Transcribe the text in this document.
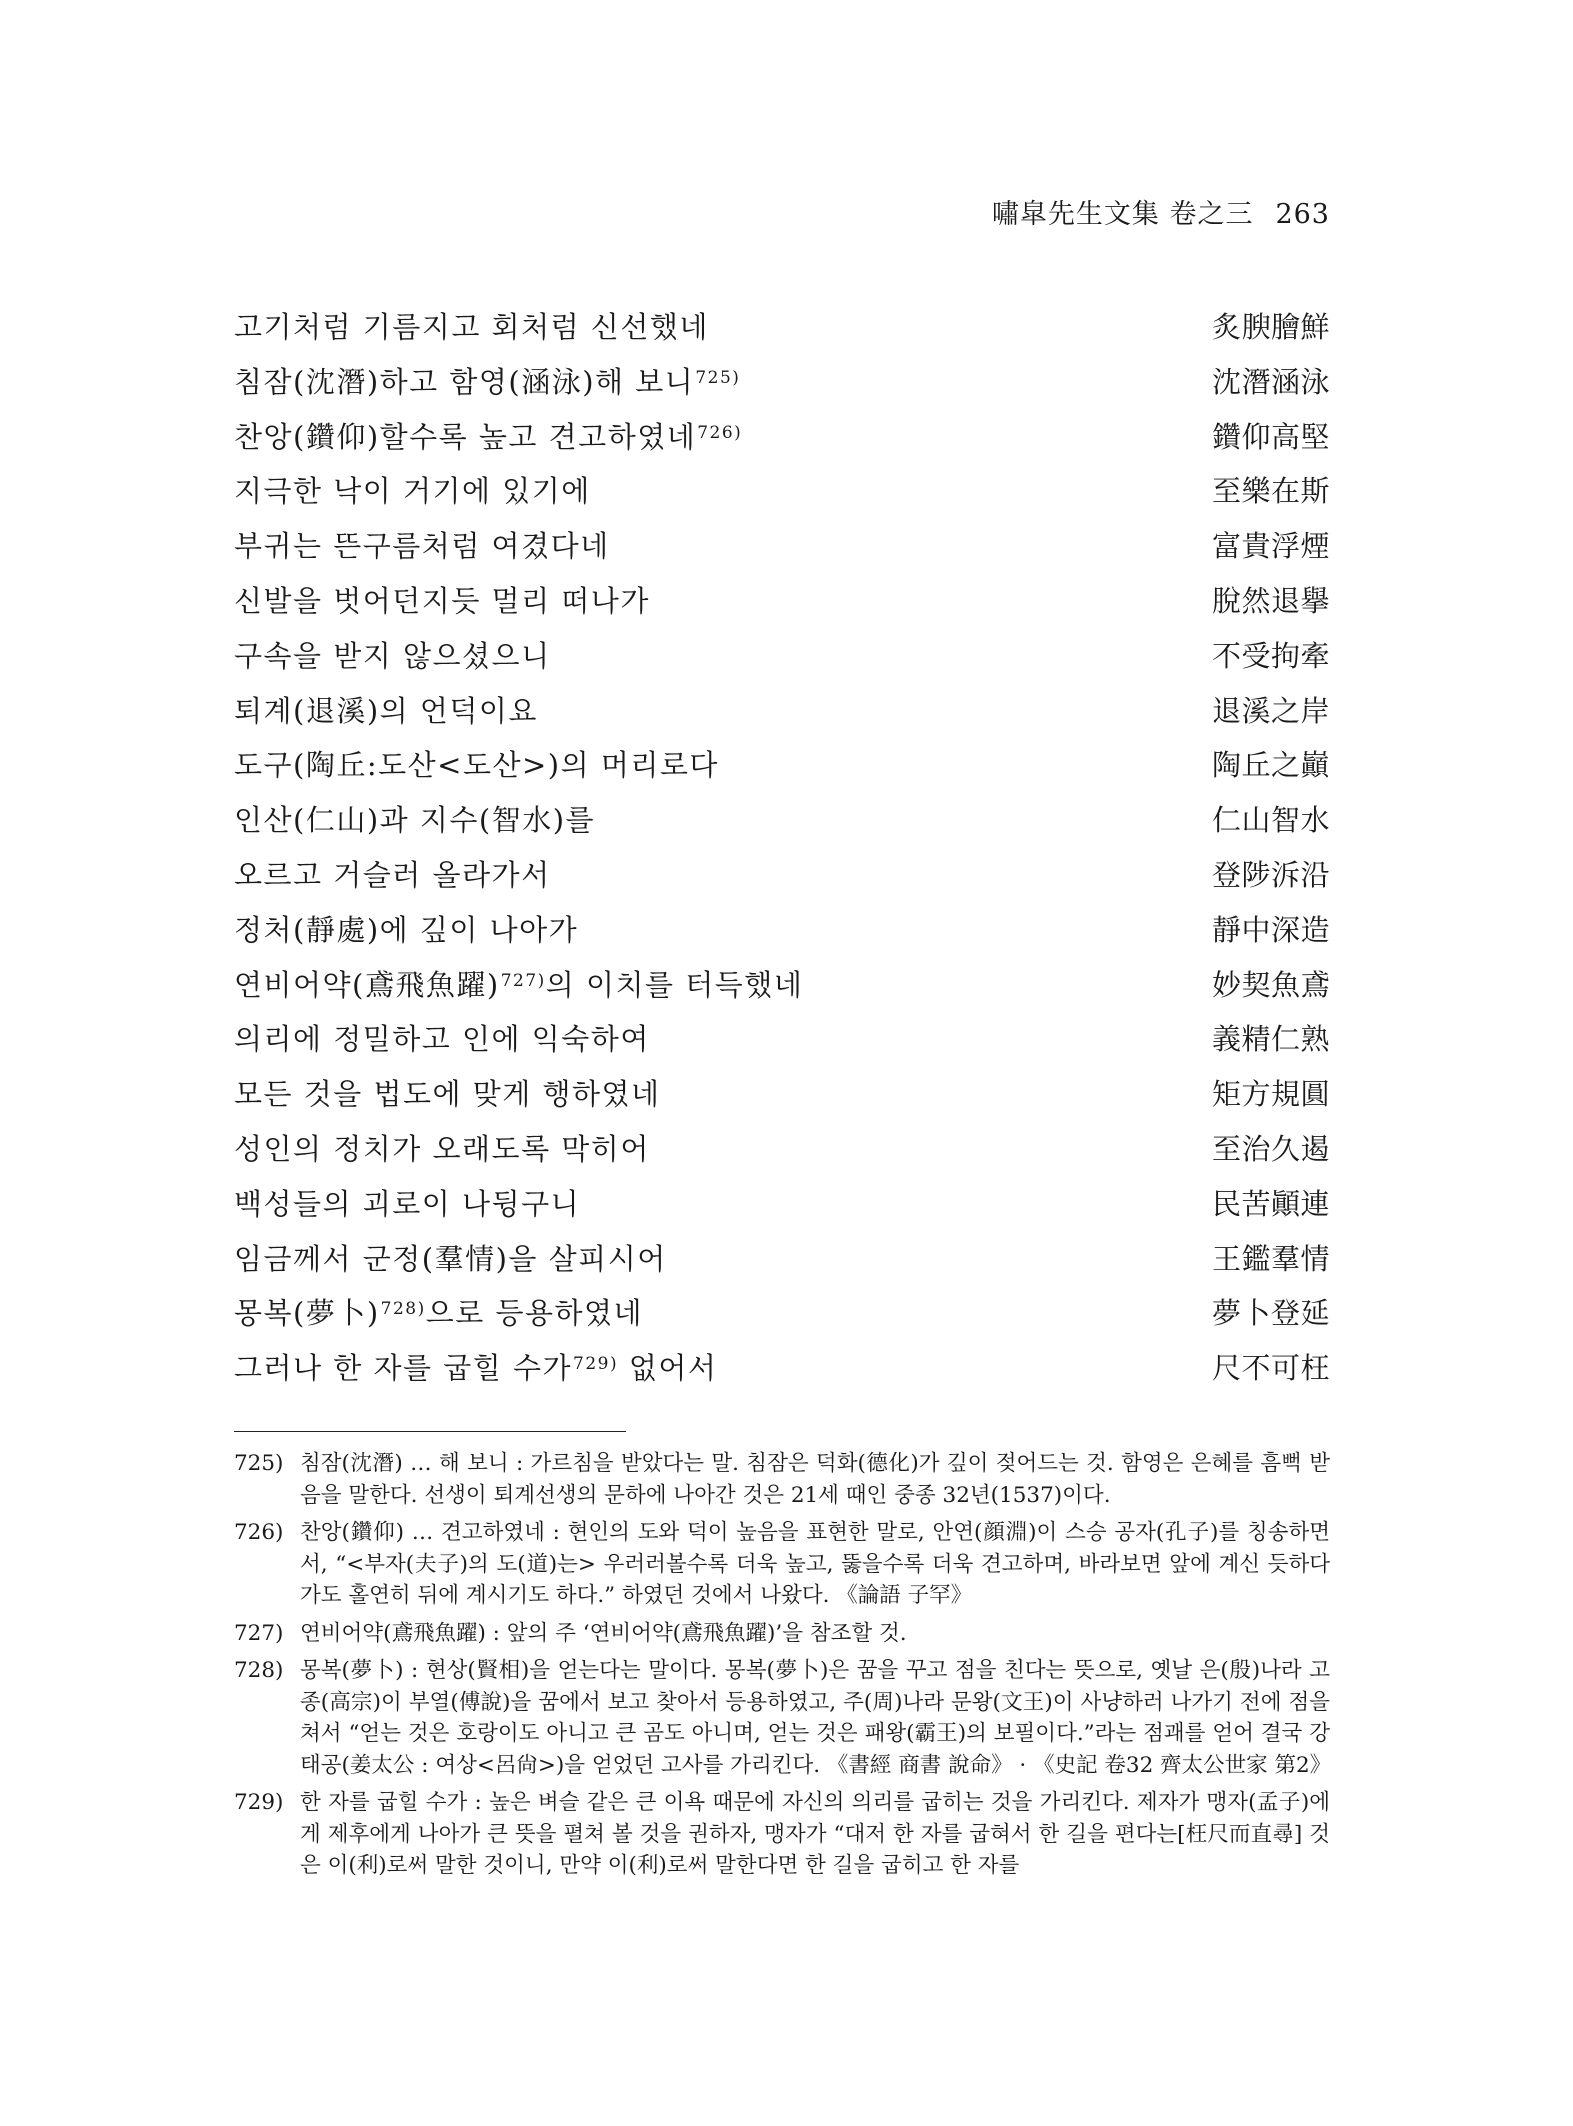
嘯皐先生文集 卷之三 263
고기처럼 기름지고 회처럼 신선했네	炙腴膾鮮
침잠(沈潛)하고 함영(涵泳)해 보니$^{725)}$	沈潛涵泳
찬앙(鑽仰)할수록 높고 견고하였네$^{726)}$	鑽仰高堅
지극한 낙이 거기에 있기에	至樂在斯
부귀는 뜬구름처럼 여겼다네	富貴浮煙
신발을 벗어던지듯 멀리 떠나가	脫然退擧
구속을 받지 않으셨으니	不受拘牽
퇴계(退溪)의 언덕이요	退溪之岸
도구(陶丘:도산<도산>)의 머리로다	陶丘之巓
인산(仁山)과 지수(智水)를	仁山智水
오르고 거슬러 올라가서	登陟泝沿
정처(靜處)에 깊이 나아가	靜中深造
연비어약(鳶飛魚躍)$^{727)}$의 이치를 터득했네	妙契魚鳶
의리에 정밀하고 인에 익숙하여	義精仁熟
모든 것을 법도에 맞게 행하였네	矩方規圓
성인의 정치가 오래도록 막히어	至治久遏
백성들의 괴로이 나뒹구니	民苦顚連
임금께서 군정(羣情)을 살피시어	王鑑羣情
몽복(夢卜)$^{728)}$으로 등용하였네	夢卜登延
그러나 한 자를 굽힐 수가$^{729)}$ 없어서	尺不可枉
725) 침잠(沈潛) … 해 보니 : 가르침을 받았다는 말. 침잠은 덕화(德化)가 깊이 젖어드는 것. 함영은 은혜를 흠뻑 받음을 말한다. 선생이 퇴계선생의 문하에 나아간 것은 21세 때인 중종 32년(1537)이다.
726) 찬앙(鑽仰) … 견고하였네 : 현인의 도와 덕이 높음을 표현한 말로, 안연(顔淵)이 스승 공자(孔子)를 칭송하면서, “<부자(夫子)의 도(道)는> 우러러볼수록 더욱 높고, 뚫을수록 더욱 견고하며, 바라보면 앞에 계신 듯하다가도 홀연히 뒤에 계시기도 하다.” 하였던 것에서 나왔다. 《論語 子罕》
727) 연비어약(鳶飛魚躍) : 앞의 주 ‘연비어약(鳶飛魚躍)’을 참조할 것.
728) 몽복(夢卜) : 현상(賢相)을 얻는다는 말이다. 몽복(夢卜)은 꿈을 꾸고 점을 친다는 뜻으로, 옛날 은(殷)나라 고종(高宗)이 부열(傅說)을 꿈에서 보고 찾아서 등용하였고, 주(周)나라 문왕(文王)이 사냥하러 나가기 전에 점을 쳐서 “얻는 것은 호랑이도 아니고 큰 곰도 아니며, 얻는 것은 패왕(霸王)의 보필이다.”라는 점괘를 얻어 결국 강태공(姜太公 : 여상<呂尙>)을 얻었던 고사를 가리킨다. 《書經 商書 說命》 · 《史記 卷32 齊太公世家 第2》
729) 한 자를 굽힐 수가 : 높은 벼슬 같은 큰 이욕 때문에 자신의 의리를 굽히는 것을 가리킨다. 제자가 맹자(孟子)에게 제후에게 나아가 큰 뜻을 펼쳐 볼 것을 권하자, 맹자가 “대저 한 자를 굽혀서 한 길을 편다는[枉尺而直尋] 것은 이(利)로써 말한 것이니, 만약 이(利)로써 말한다면 한 길을 굽히고 한 자를
